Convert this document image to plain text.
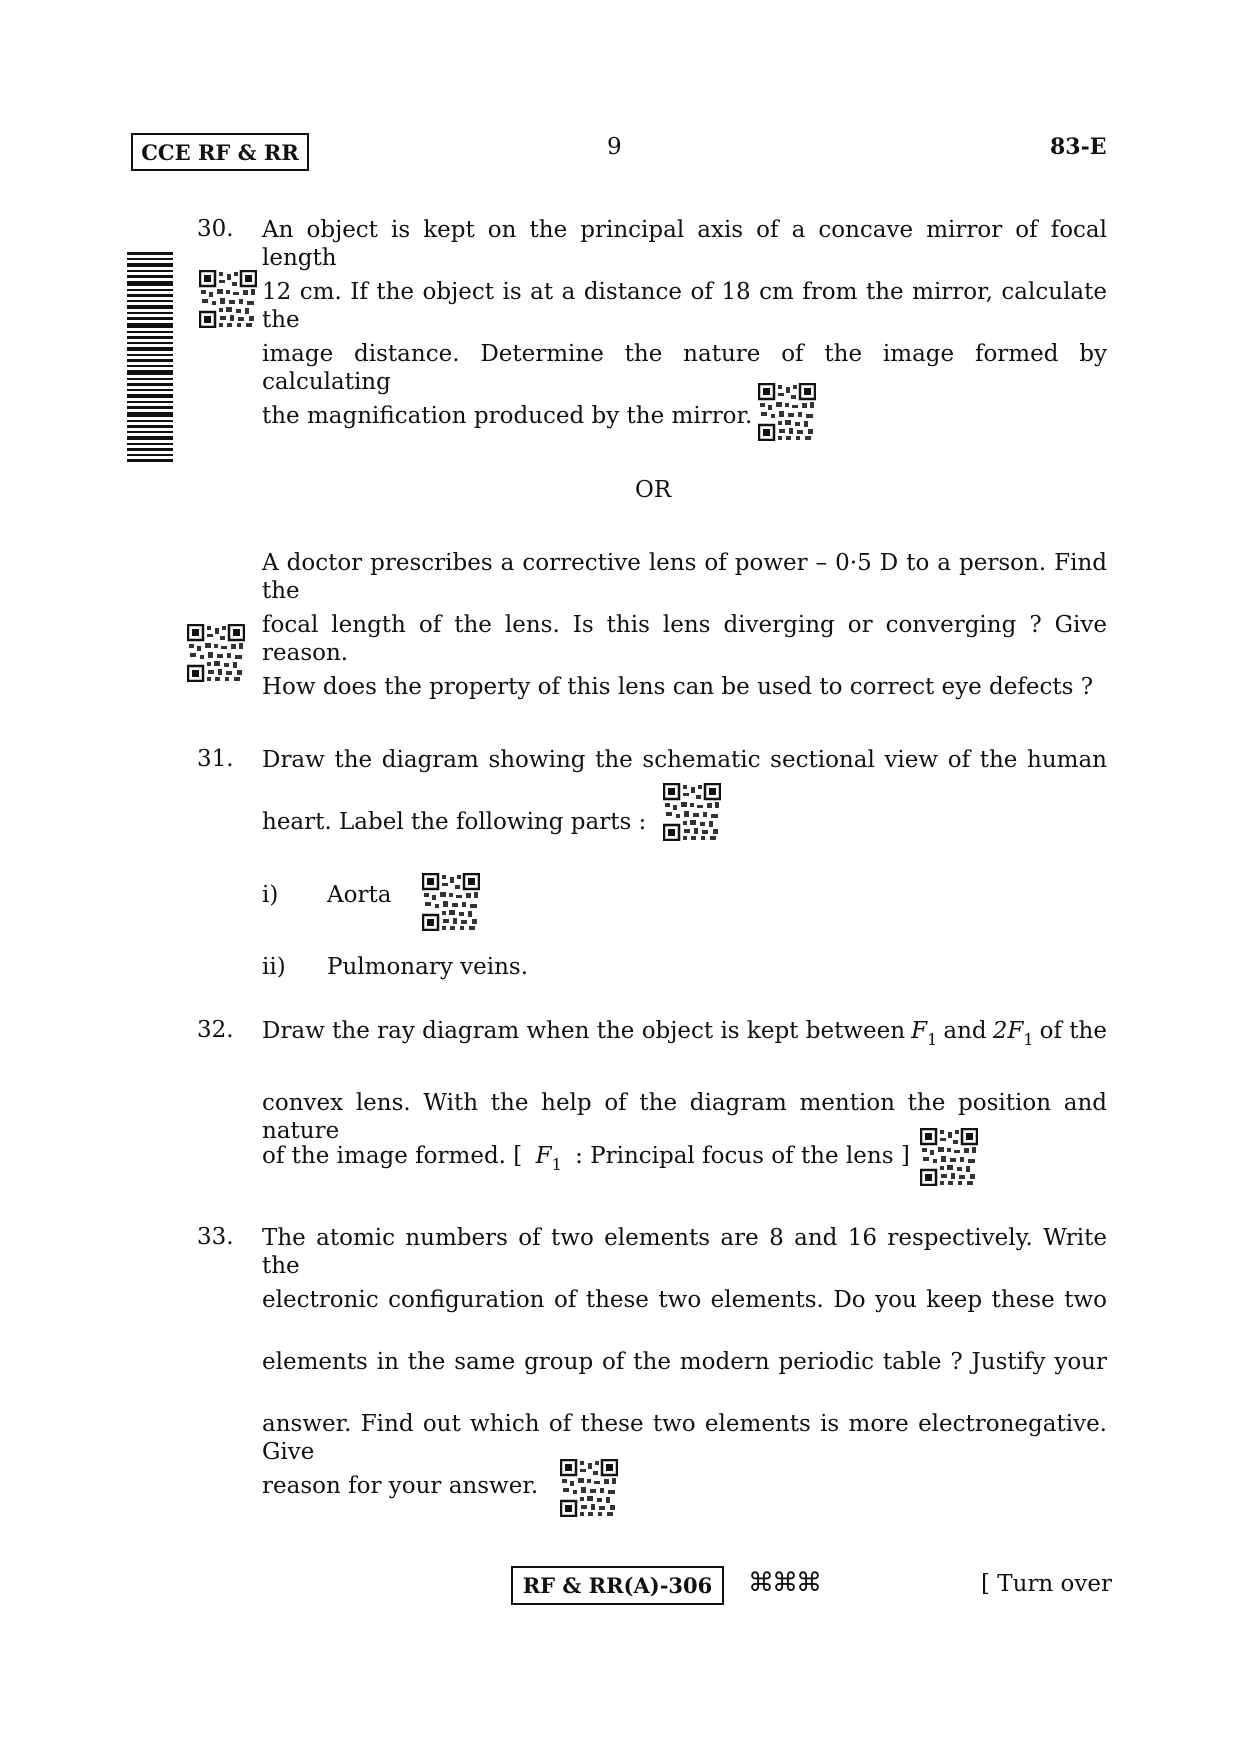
CCE RF & RR	9	83-E
30. An object is kept on the principal axis of a concave mirror of focal length
12 cm. If the object is at a distance of 18 cm from the mirror, calculate the
image distance. Determine the nature of the image formed by calculating
the magnification produced by the mirror.
OR
A doctor prescribes a corrective lens of power – 0·5 D to a person. Find the
focal length of the lens. Is this lens diverging or converging ? Give reason.
How does the property of this lens can be used to correct eye defects ?
31. Draw the diagram showing the schematic sectional view of the human
heart. Label the following parts :
i) Aorta
ii) Pulmonary veins.
32. Draw the ray diagram when the object is kept between $F_1$ and $2F_1$ of the
convex lens. With the help of the diagram mention the position and nature
of the image formed. [ $F_1$ : Principal focus of the lens ]
33. The atomic numbers of two elements are 8 and 16 respectively. Write the
electronic configuration of these two elements. Do you keep these two
elements in the same group of the modern periodic table ? Justify your
answer. Find out which of these two elements is more electronegative. Give
reason for your answer.
RF & RR(A)-306 ⌘⌘⌘	[ Turn over
